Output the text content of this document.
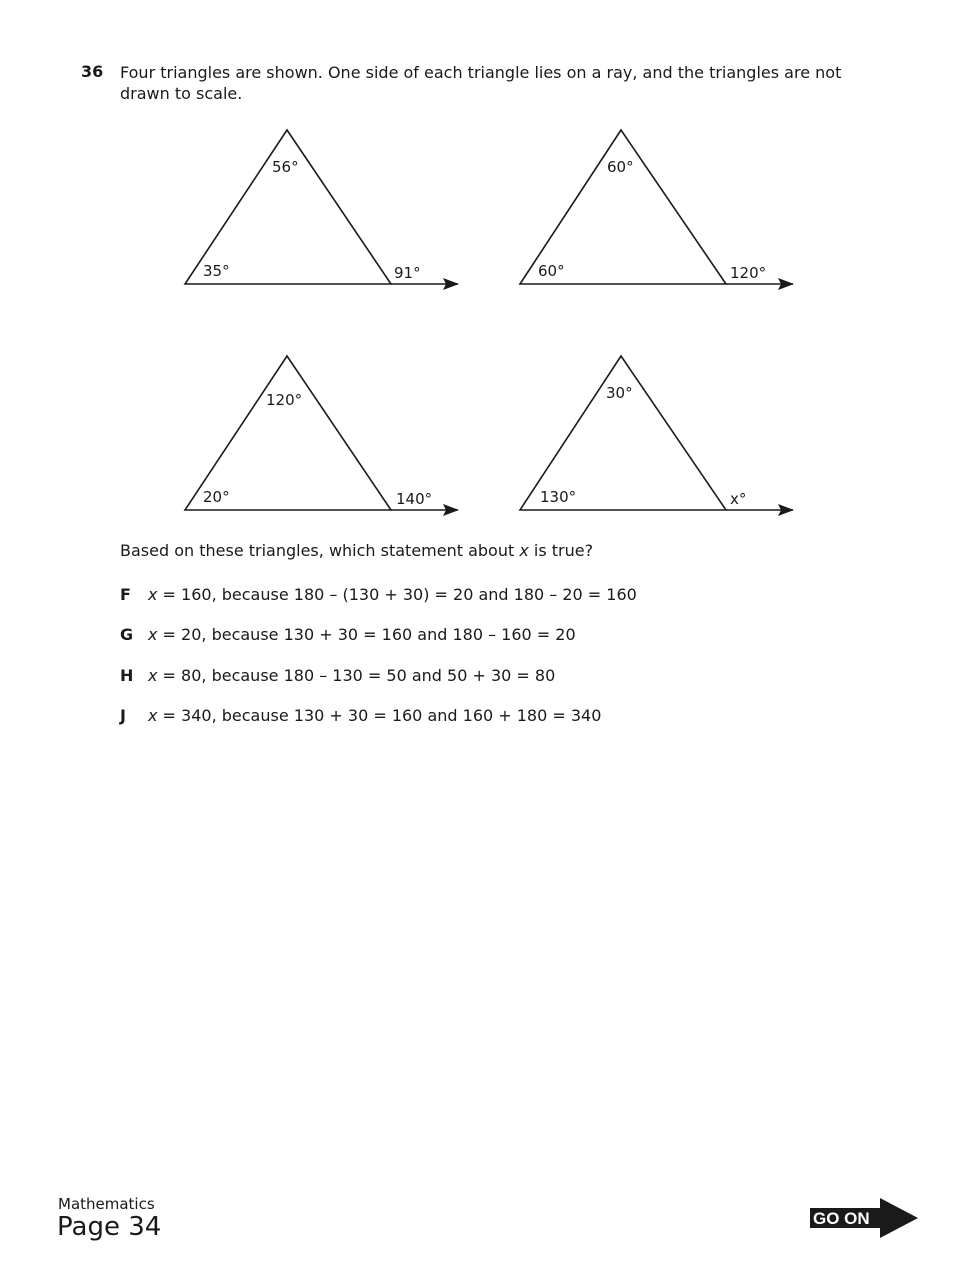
36 Four triangles are shown. One side of each triangle lies on a ray, and the triangles are not
drawn to scale.
56°
35°	91°
60°
60°	120°
120°
20°	140°
30°
130°	x°
Based on these triangles, which statement about x is true?
F x = 160, because 180 – (130 + 30) = 20 and 180 – 20 = 160
G x = 20, because 130 + 30 = 160 and 180 – 160 = 20
H x = 80, because 180 – 130 = 50 and 50 + 30 = 80
J x = 340, because 130 + 30 = 160 and 160 + 180 = 340
Mathematics
Page 34	GO ON
